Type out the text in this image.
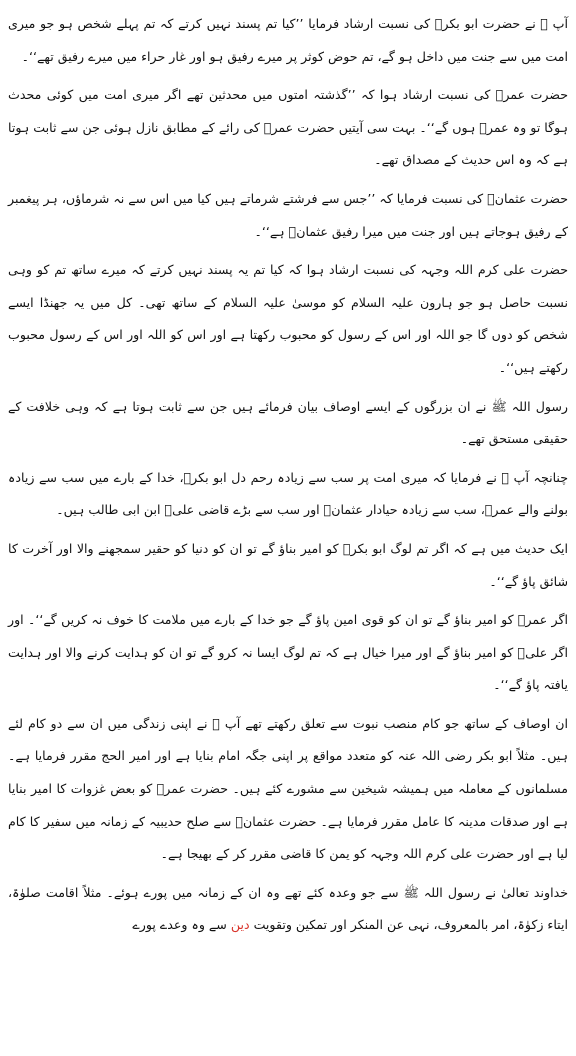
آپ ﷺ نے حضرت ابو بکرؓ کی نسبت ارشاد فرمایا ’’کیا تم پسند نہیں کرتے کہ تم پہلے شخص ہو جو میری امت میں سے جنت میں داخل ہو گے، تم حوض کوثر پر میرے رفیق ہو اور غار حراء میں میرے رفیق تھے‘‘۔

حضرت عمرؓ کی نسبت ارشاد ہوا کہ ’’گذشتہ امتوں میں محدثین تھے اگر میری امت میں کوئی محدث ہوگا تو وہ عمرؓ ہوں گے‘‘۔ بہت سی آیتیں حضرت عمرؓ کی رائے کے مطابق نازل ہوئی جن سے ثابت ہوتا ہے کہ وہ اس حدیث کے مصداق تھے۔

حضرت عثمانؓ کی نسبت فرمایا کہ ’’جس سے فرشتے شرماتے ہیں کیا میں اس سے نہ شرماؤں، ہر پیغمبر کے رفیق ہوجاتے ہیں اور جنت میں میرا رفیق عثمانؓ ہے‘‘۔

حضرت علی کرم اللہ وجہہ کی نسبت ارشاد ہوا کہ کیا تم یہ پسند نہیں کرتے کہ میرے ساتھ تم کو وہی نسبت حاصل ہو جو ہارون علیہ السلام کو موسیٰ علیہ السلام کے ساتھ تھی۔ کل میں یہ جھنڈا ایسے شخص کو دوں گا جو اللہ اور اس کے رسول کو محبوب رکھتا ہے اور اس کو اللہ اور اس کے رسول محبوب رکھتے ہیں‘‘۔

رسول اللہ ﷺ نے ان بزرگوں کے ایسے اوصاف بیان فرمائے ہیں جن سے ثابت ہوتا ہے کہ وہی خلافت کے حقیقی مستحق تھے۔

چنانچہ آپ ﷺ نے فرمایا کہ میری امت پر سب سے زیادہ رحم دل ابو بکرؓ، خدا کے بارے میں سب سے زیادہ بولنے والے عمرؓ، سب سے زیادہ حیادار عثمانؓ اور سب سے بڑے قاضی علیؓ ابن ابی طالب ہیں۔

ایک حدیث میں ہے کہ اگر تم لوگ ابو بکرؓ کو امیر بناؤ گے تو ان کو دنیا کو حقیر سمجھنے والا اور آخرت کا شائق پاؤ گے‘‘۔

اگر عمرؓ کو امیر بناؤ گے تو ان کو قوی امین پاؤ گے جو خدا کے بارے میں ملامت کا خوف نہ کریں گے‘‘۔ اور اگر علیؓ کو امیر بناؤ گے اور میرا خیال ہے کہ تم لوگ ایسا نہ کرو گے تو ان کو ہدایت کرنے والا اور ہدایت یافتہ پاؤ گے‘‘۔

ان اوصاف کے ساتھ جو کام منصب نبوت سے تعلق رکھتے تھے آپ ﷺ نے اپنی زندگی میں ان سے دو کام لئے ہیں۔ مثلاً ابو بکر رضی اللہ عنہ کو متعدد مواقع پر اپنی جگہ امام بنایا ہے اور امیر الحج مقرر فرمایا ہے۔ مسلمانوں کے معاملہ میں ہمیشہ شیخین سے مشورے کئے ہیں۔ حضرت عمرؓ کو بعض غزوات کا امیر بنایا ہے اور صدقات مدینہ کا عامل مقرر فرمایا ہے۔ حضرت عثمانؓ سے صلح حدیبیہ کے زمانہ میں سفیر کا کام لیا ہے اور حضرت علی کرم اللہ وجہہ کو یمن کا قاضی مقرر کر کے بھیجا ہے۔

خداوند تعالیٰ نے رسول اللہ ﷺ سے جو وعدہ کئے تھے وہ ان کے زمانہ میں پورے ہوئے۔ مثلاً اقامت صلوٰۃ، ایتاء زکوٰۃ، امر بالمعروف، نہی عن المنکر اور تمکین وتقویت دین سے وہ وعدے پورے
